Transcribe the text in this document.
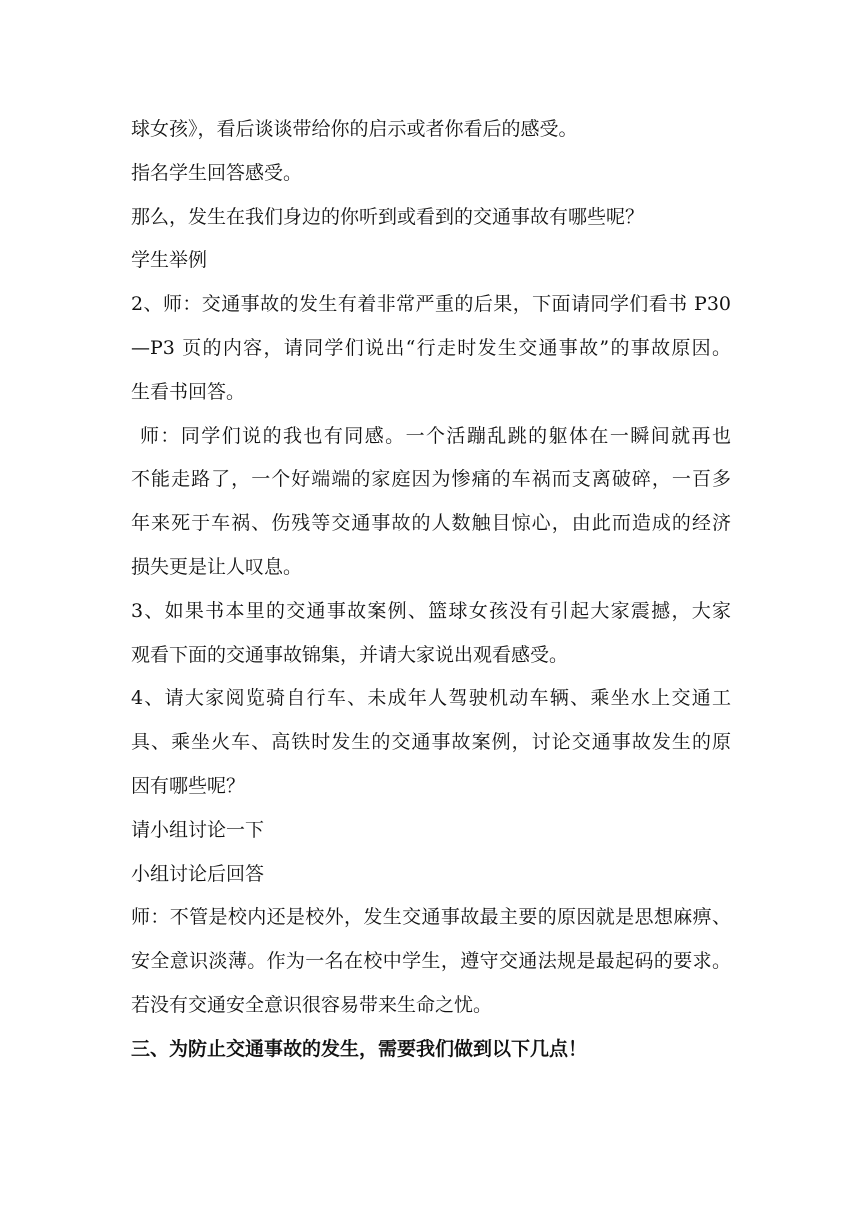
球女孩》，看后谈谈带给你的启示或者你看后的感受。
指名学生回答感受。
那么，发生在我们身边的你听到或看到的交通事故有哪些呢？
学生举例
2、师：交通事故的发生有着非常严重的后果，下面请同学们看书 P30
—P3 页的内容，请同学们说出“行走时发生交通事故”的事故原因。
生看书回答。
师：同学们说的我也有同感。一个活蹦乱跳的躯体在一瞬间就再也
不能走路了，一个好端端的家庭因为惨痛的车祸而支离破碎，一百多
年来死于车祸、伤残等交通事故的人数触目惊心，由此而造成的经济
损失更是让人叹息。
3、如果书本里的交通事故案例、篮球女孩没有引起大家震撼，大家
观看下面的交通事故锦集，并请大家说出观看感受。
4、请大家阅览骑自行车、未成年人驾驶机动车辆、乘坐水上交通工
具、乘坐火车、高铁时发生的交通事故案例，讨论交通事故发生的原
因有哪些呢？
请小组讨论一下
小组讨论后回答
师：不管是校内还是校外，发生交通事故最主要的原因就是思想麻痹、
安全意识淡薄。作为一名在校中学生，遵守交通法规是最起码的要求。
若没有交通安全意识很容易带来生命之忧。
三、为防止交通事故的发生，需要我们做到以下几点！
